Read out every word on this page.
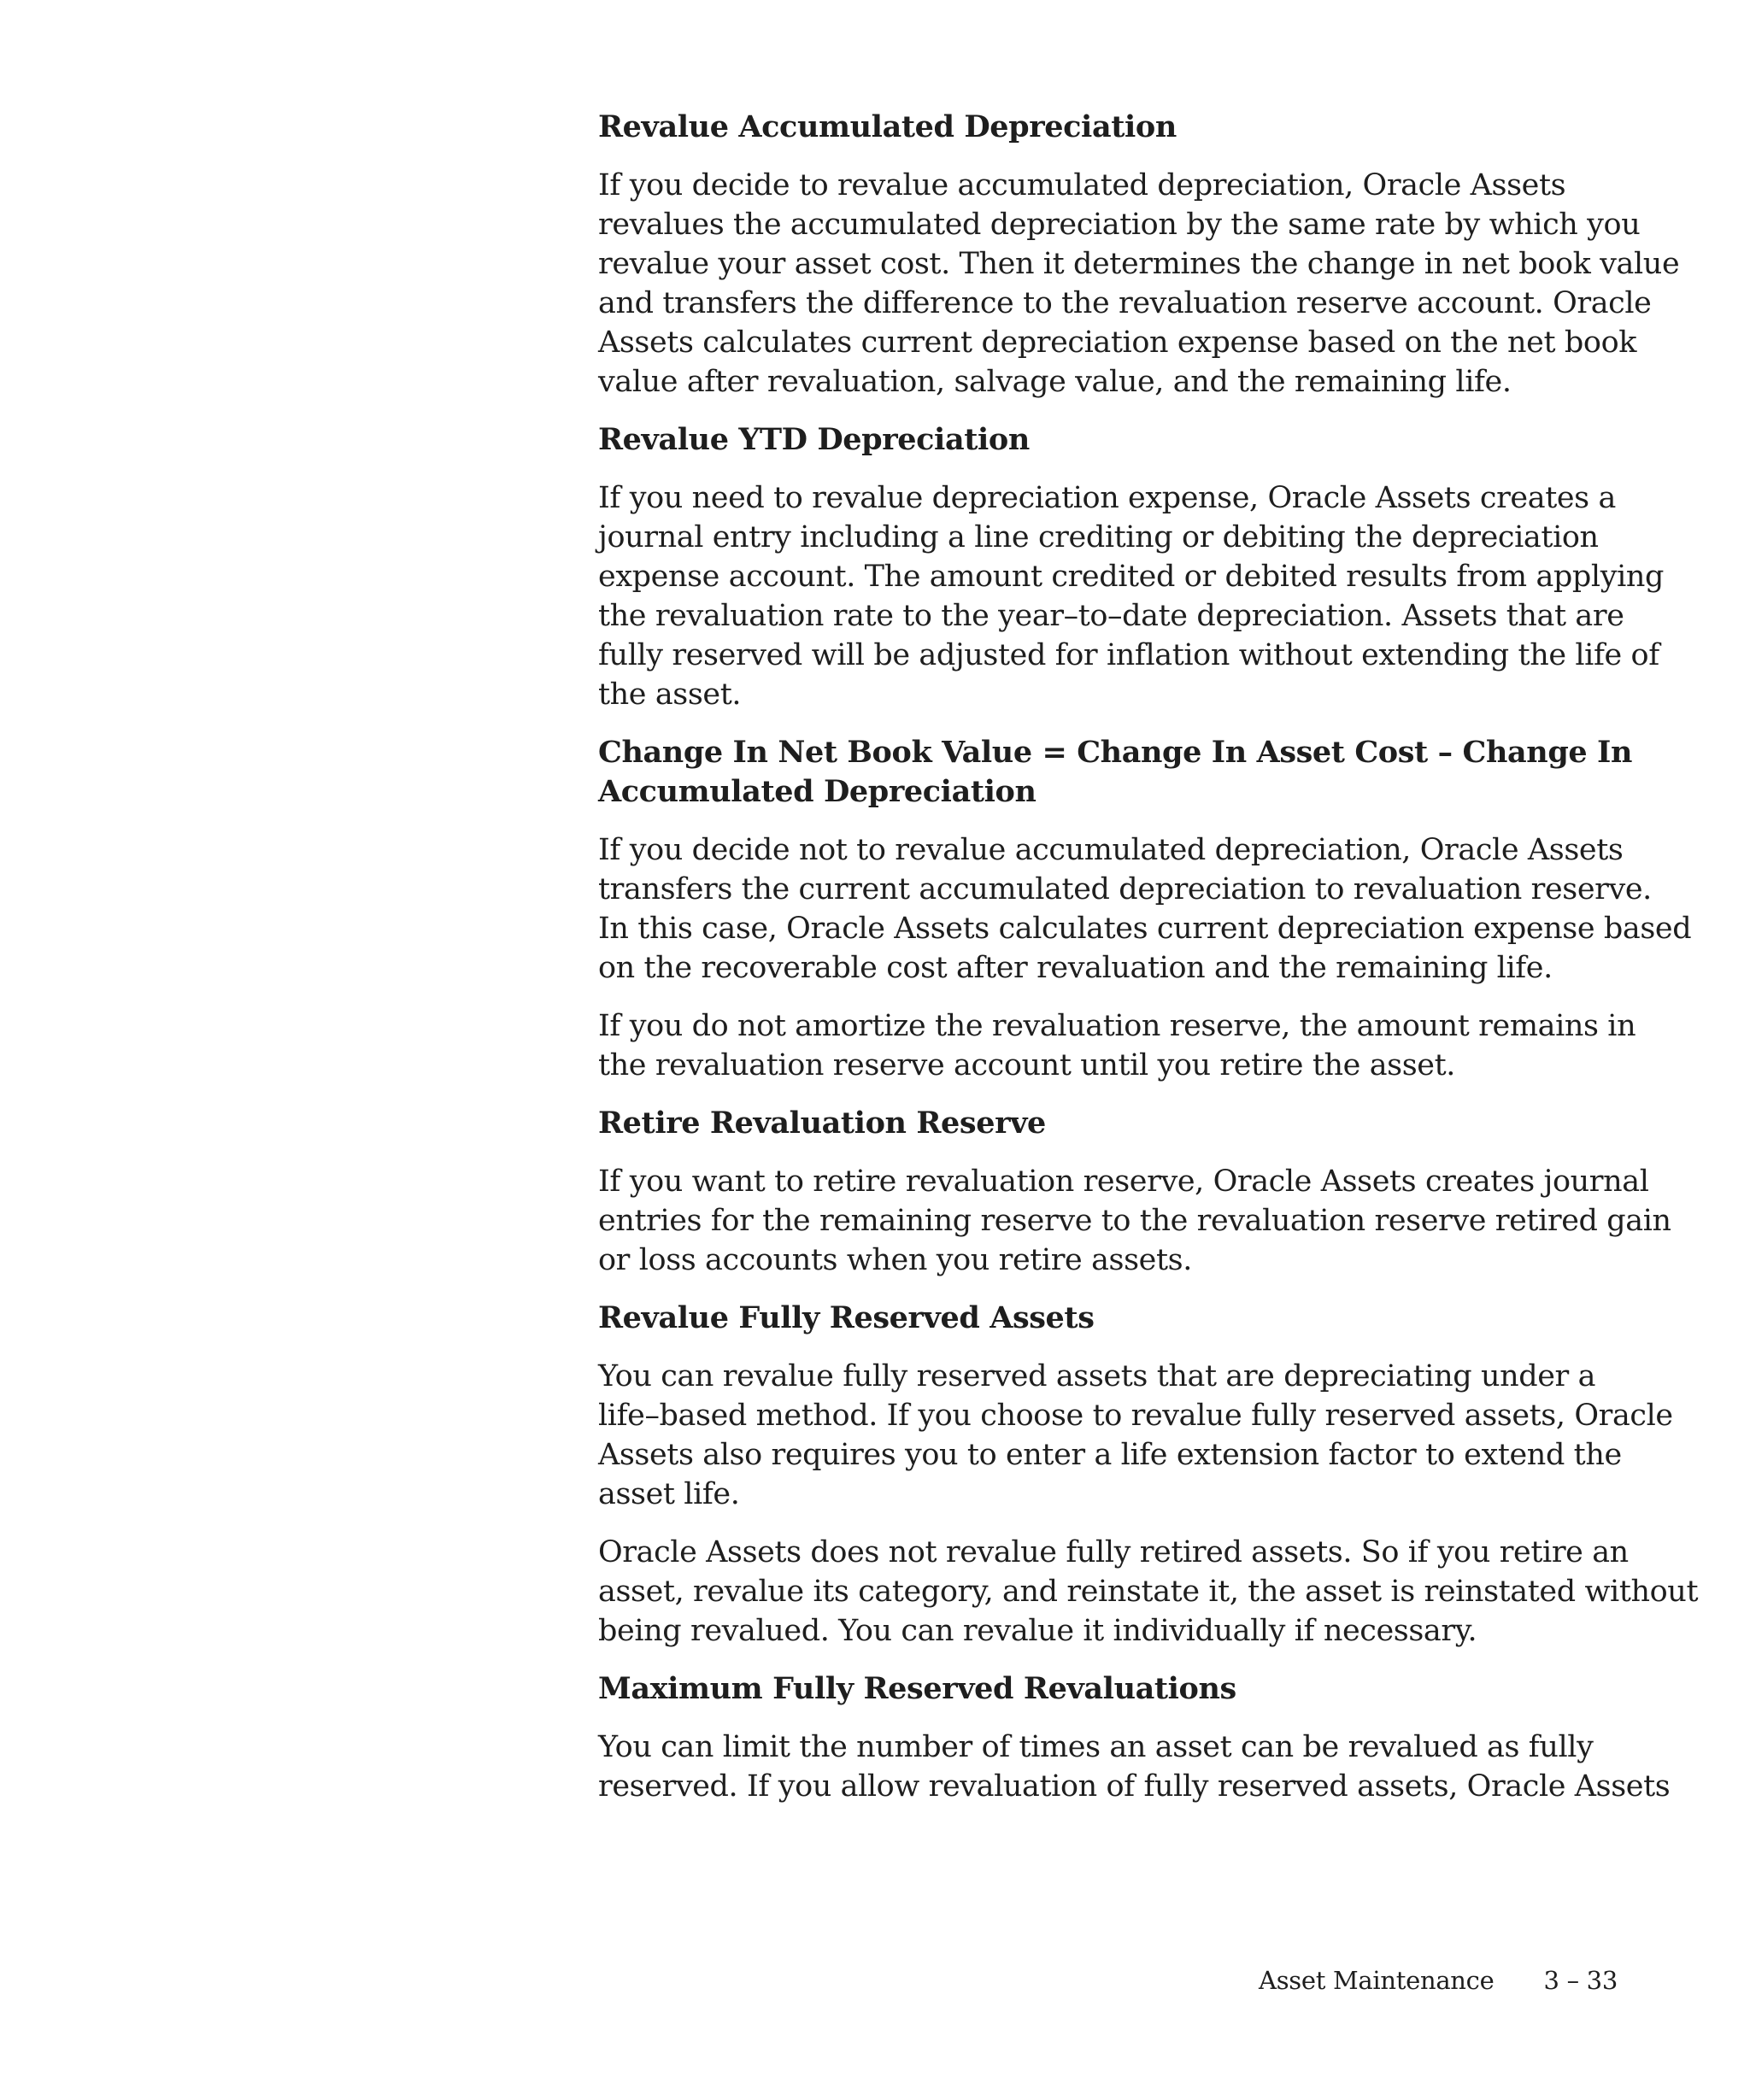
Revalue Accumulated Depreciation
If you decide to revalue accumulated depreciation, Oracle Assets
revalues the accumulated depreciation by the same rate by which you
revalue your asset cost. Then it determines the change in net book value
and transfers the difference to the revaluation reserve account. Oracle
Assets calculates current depreciation expense based on the net book
value after revaluation, salvage value, and the remaining life.
Revalue YTD Depreciation
If you need to revalue depreciation expense, Oracle Assets creates a
journal entry including a line crediting or debiting the depreciation
expense account. The amount credited or debited results from applying
the revaluation rate to the year–to–date depreciation. Assets that are
fully reserved will be adjusted for inflation without extending the life of
the asset.
Change In Net Book Value = Change In Asset Cost – Change In
Accumulated Depreciation
If you decide not to revalue accumulated depreciation, Oracle Assets
transfers the current accumulated depreciation to revaluation reserve.
In this case, Oracle Assets calculates current depreciation expense based
on the recoverable cost after revaluation and the remaining life.
If you do not amortize the revaluation reserve, the amount remains in
the revaluation reserve account until you retire the asset.
Retire Revaluation Reserve
If you want to retire revaluation reserve, Oracle Assets creates journal
entries for the remaining reserve to the revaluation reserve retired gain
or loss accounts when you retire assets.
Revalue Fully Reserved Assets
You can revalue fully reserved assets that are depreciating under a
life–based method. If you choose to revalue fully reserved assets, Oracle
Assets also requires you to enter a life extension factor to extend the
asset life.
Oracle Assets does not revalue fully retired assets. So if you retire an
asset, revalue its category, and reinstate it, the asset is reinstated without
being revalued. You can revalue it individually if necessary.
Maximum Fully Reserved Revaluations
You can limit the number of times an asset can be revalued as fully
reserved. If you allow revaluation of fully reserved assets, Oracle Assets
Asset Maintenance 3 – 33
